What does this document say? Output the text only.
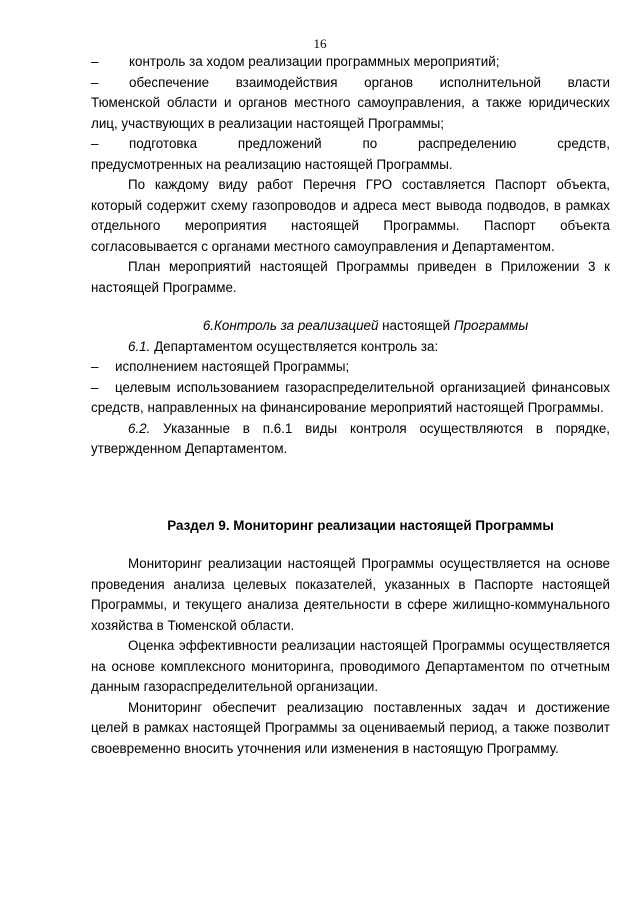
16

– контроль за ходом реализации программных мероприятий;

– обеспечение взаимодействия органов исполнительной власти

Тюменской области и органов местного самоуправления, а также юридических лиц, участвующих в реализации настоящей Программы;

– подготовка предложений по распределению средств,

предусмотренных на реализацию настоящей Программы.

По каждому виду работ Перечня ГРО составляется Паспорт объекта, который содержит схему газопроводов и адреса мест вывода подводов, в рамках отдельного мероприятия настоящей Программы. Паспорт объекта согласовывается с органами местного самоуправления и Департаментом.

План мероприятий настоящей Программы приведен в Приложении 3 к настоящей Программе.

6.Контроль за реализацией настоящей Программы

6.1. Департаментом осуществляется контроль за:

– исполнением настоящей Программы;

– целевым использованием газораспределительной организацией финансовых средств, направленных на финансирование мероприятий настоящей Программы.

6.2. Указанные в п.6.1 виды контроля осуществляются в порядке, утвержденном Департаментом.

Раздел 9. Мониторинг реализации настоящей Программы

Мониторинг реализации настоящей Программы осуществляется на основе проведения анализа целевых показателей, указанных в Паспорте настоящей Программы, и текущего анализа деятельности в сфере жилищно-коммунального хозяйства в Тюменской области.

Оценка эффективности реализации настоящей Программы осуществляется на основе комплексного мониторинга, проводимого Департаментом по отчетным данным газораспределительной организации.

Мониторинг обеспечит реализацию поставленных задач и достижение целей в рамках настоящей Программы за оцениваемый период, а также позволит своевременно вносить уточнения или изменения в настоящую Программу.
